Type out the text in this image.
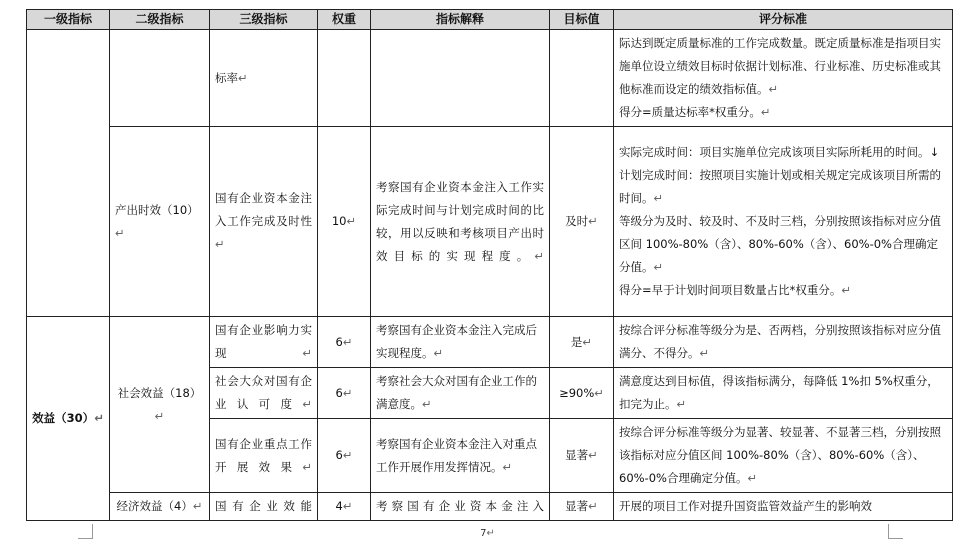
一级指标	二级指标	三级指标	权重	指标解释	目标值	评分标准
		标率↵				际达到既定质量标准的工作完成数量。既定质量标准是指项目实施单位设立绩效目标时依据计划标准、行业标准、历史标准或其他标准而设定的绩效指标值。↵

得分=质量达标率*权重分。↵

	产出时效（10）↵	国有企业资本金注入工作完成及时性↵	10↵	考察国有企业资本金注入工作实际完成时间与计划完成时间的比较，用以反映和考核项目产出时效目标的实现程度。↵	及时↵	实际完成时间：项目实施单位完成该项目实际所耗用的时间。↓

计划完成时间：按照项目实施计划或相关规定完成该项目所需的时间。↵

等级分为及时、较及时、不及时三档，分别按照该指标对应分值区间 100%-80%（含）、80%-60%（含）、60%-0%合理确定分值。↵

得分=早于计划时间项目数量占比*权重分。↵

效益（30）↵	社会效益（18）↵	国有企业影响力实现↵	6↵	考察国有企业资本金注入完成后实现程度。↵	是↵	按综合评分标准等级分为是、否两档，分别按照该指标对应分值满分、不得分。↵
		社会大众对国有企业认可度↵	6↵	考察社会大众对国有企业工作的满意度。↵	≥90%↵	满意度达到目标值，得该指标满分，每降低 1%扣 5%权重分，扣完为止。↵
		国有企业重点工作开展效果↵	6↵	考察国有企业资本金注入对重点工作开展作用发挥情况。↵	显著↵	按综合评分标准等级分为显著、较显著、不显著三档，分别按照该指标对应分值区间 100%-80%（含）、80%-60%（含）、60%-0%合理确定分值。↵
	经济效益（4）↵	国有企业效能	4↵	考察国有企业资本金注入	显著↵	开展的项目工作对提升国资监管效益产生的影响效
7↵
